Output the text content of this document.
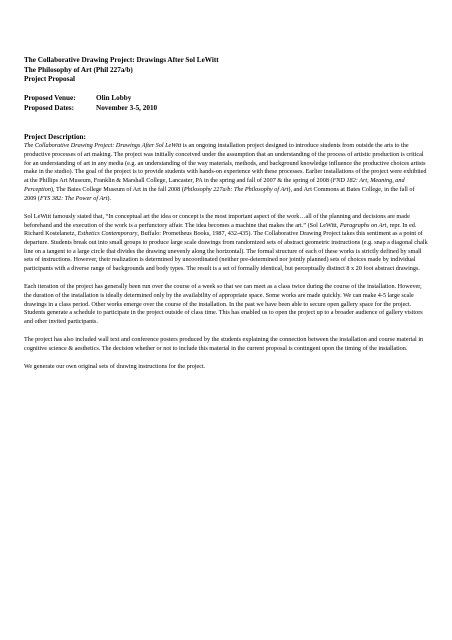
The Collaborative Drawing Project: Drawings After Sol LeWitt
The Philosophy of Art (Phil 227a/b)
Project Proposal
Proposed Venue:	Olin Lobby
Proposed Dates:	November 3-5, 2010
Project Description:

The Collaborative Drawing Project: Drawings After Sol LeWitt is an ongoing installation project designed to introduce students from outside the arts to the productive processes of art making. The project was initially conceived under the assumption that an understanding of the process of artistic production is critical for an understanding of art in any media (e.g. an understanding of the way materials, methods, and background knowledge influence the productive choices artists make in the studio). The goal of the project is to provide students with hands-on experience with these processes. Earlier installations of the project were exhibited at the Phillips Art Museum, Franklin & Marshall College, Lancaster, PA in the spring and fall of 2007 & the spring of 2008 (FND 182: Art, Meaning, and Perception), The Bates College Museum of Art in the fall 2008 (Philosophy 227a/b: The Philosophy of Art), and Art Commons at Bates College, in the fall of 2009 (FYS 382: The Power of Art).

Sol LeWitt famously stated that, “In conceptual art the idea or concept is the most important aspect of the work…all of the planning and decisions are made beforehand and the execution of the work is a perfunctory affair. The idea becomes a machine that makes the art.” (Sol LeWitt, Paragraphs on Art, repr. In ed. Richard Kostelanetz, Esthetics Contemporary, Buffalo: Prometheus Books, 1987, 432-435). The Collaborative Drawing Project takes this sentiment as a point of departure. Students break out into small groups to produce large scale drawings from randomized sets of abstract geometric instructions (e.g. snap a diagonal chalk line on a tangent to a large circle that divides the drawing unevenly along the horizontal). The formal structure of each of these works is strictly defined by small sets of instructions. However, their realization is determined by uncoordinated (neither pre-determined nor jointly planned) sets of choices made by individual participants with a diverse range of backgrounds and body types. The result is a set of formally identical, but perceptually distinct 8 x 20 foot abstract drawings.

Each iteration of the project has generally been run over the course of a week so that we can meet as a class twice during the course of the installation. However, the duration of the installation is ideally determined only by the availability of appropriate space. Some works are made quickly. We can make 4-5 large scale drawings in a class period. Other works emerge over the course of the installation. In the past we have been able to secure open gallery space for the project. Students generate a schedule to participate in the project outside of class time. This has enabled us to open the project up to a broader audience of gallery visitors and other invited participants.

The project has also included wall text and conference posters produced by the students explaining the connection between the installation and course material in cognitive science & aesthetics. The decision whether or not to include this material in the current proposal is contingent upon the timing of the installation.

We generate our own original sets of drawing instructions for the project.
